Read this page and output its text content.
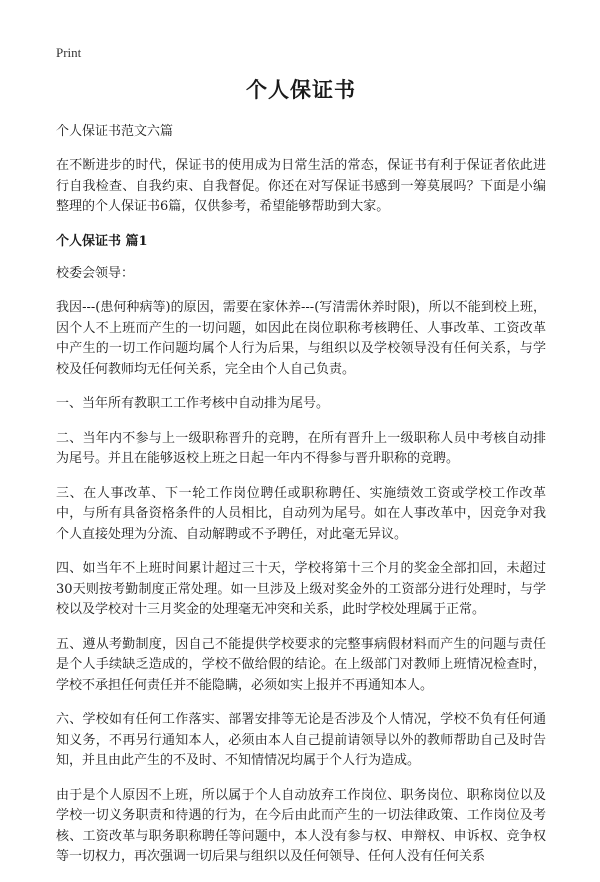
Print
个人保证书
个人保证书范文六篇
在不断进步的时代，保证书的使用成为日常生活的常态，保证书有利于保证者依此进行自我检查、自我约束、自我督促。你还在对写保证书感到一筹莫展吗？下面是小编整理的个人保证书6篇，仅供参考，希望能够帮助到大家。
个人保证书 篇1
校委会领导：
我因---(患何种病等)的原因，需要在家休养---(写清需休养时限)，所以不能到校上班，因个人不上班而产生的一切问题，如因此在岗位职称考核聘任、人事改革、工资改革中产生的一切工作问题均属个人行为后果，与组织以及学校领导没有任何关系，与学校及任何教师均无任何关系，完全由个人自己负责。
一、当年所有教职工工作考核中自动排为尾号。
二、当年内不参与上一级职称晋升的竞聘，在所有晋升上一级职称人员中考核自动排为尾号。并且在能够返校上班之日起一年内不得参与晋升职称的竞聘。
三、在人事改革、下一轮工作岗位聘任或职称聘任、实施绩效工资或学校工作改革中，与所有具备资格条件的人员相比，自动列为尾号。如在人事改革中，因竞争对我个人直接处理为分流、自动解聘或不予聘任，对此毫无异议。
四、如当年不上班时间累计超过三十天，学校将第十三个月的奖金全部扣回，未超过30天则按考勤制度正常处理。如一旦涉及上级对奖金外的工资部分进行处理时，与学校以及学校对十三月奖金的处理毫无冲突和关系，此时学校处理属于正常。
五、遵从考勤制度，因自己不能提供学校要求的完整事病假材料而产生的问题与责任是个人手续缺乏造成的，学校不做给假的结论。在上级部门对教师上班情况检查时，学校不承担任何责任并不能隐瞒，必须如实上报并不再通知本人。
六、学校如有任何工作落实、部署安排等无论是否涉及个人情况，学校不负有任何通知义务，不再另行通知本人，必须由本人自己提前请领导以外的教师帮助自己及时告知，并且由此产生的不及时、不知情情况均属于个人行为造成。
由于是个人原因不上班，所以属于个人自动放弃工作岗位、职务岗位、职称岗位以及学校一切义务职责和待遇的行为，在今后由此而产生的一切法律政策、工作岗位及考核、工资改革与职务职称聘任等问题中，本人没有参与权、申辩权、申诉权、竞争权等一切权力，再次强调一切后果与组织以及任何领导、任何人没有任何关系
